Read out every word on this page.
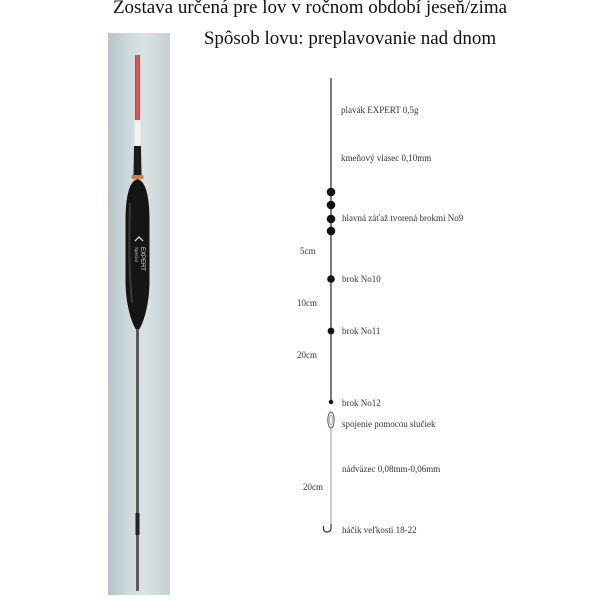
Zostava určená pre lov v ročnom období jeseň/zima
Spôsob lovu: preplavovanie nad dnom
EXPERT
Special
plavák EXPERT 0,5g
kmeňový vlasec 0,10mm
hlavná záťaž tvorená brokmi No9
brok No10
brok No11
brok No12
spojenie pomocou slučiek
nádväzec 0,08mm-0,06mm
háčik veľkosti 18-22
5cm
10cm
20cm
20cm
